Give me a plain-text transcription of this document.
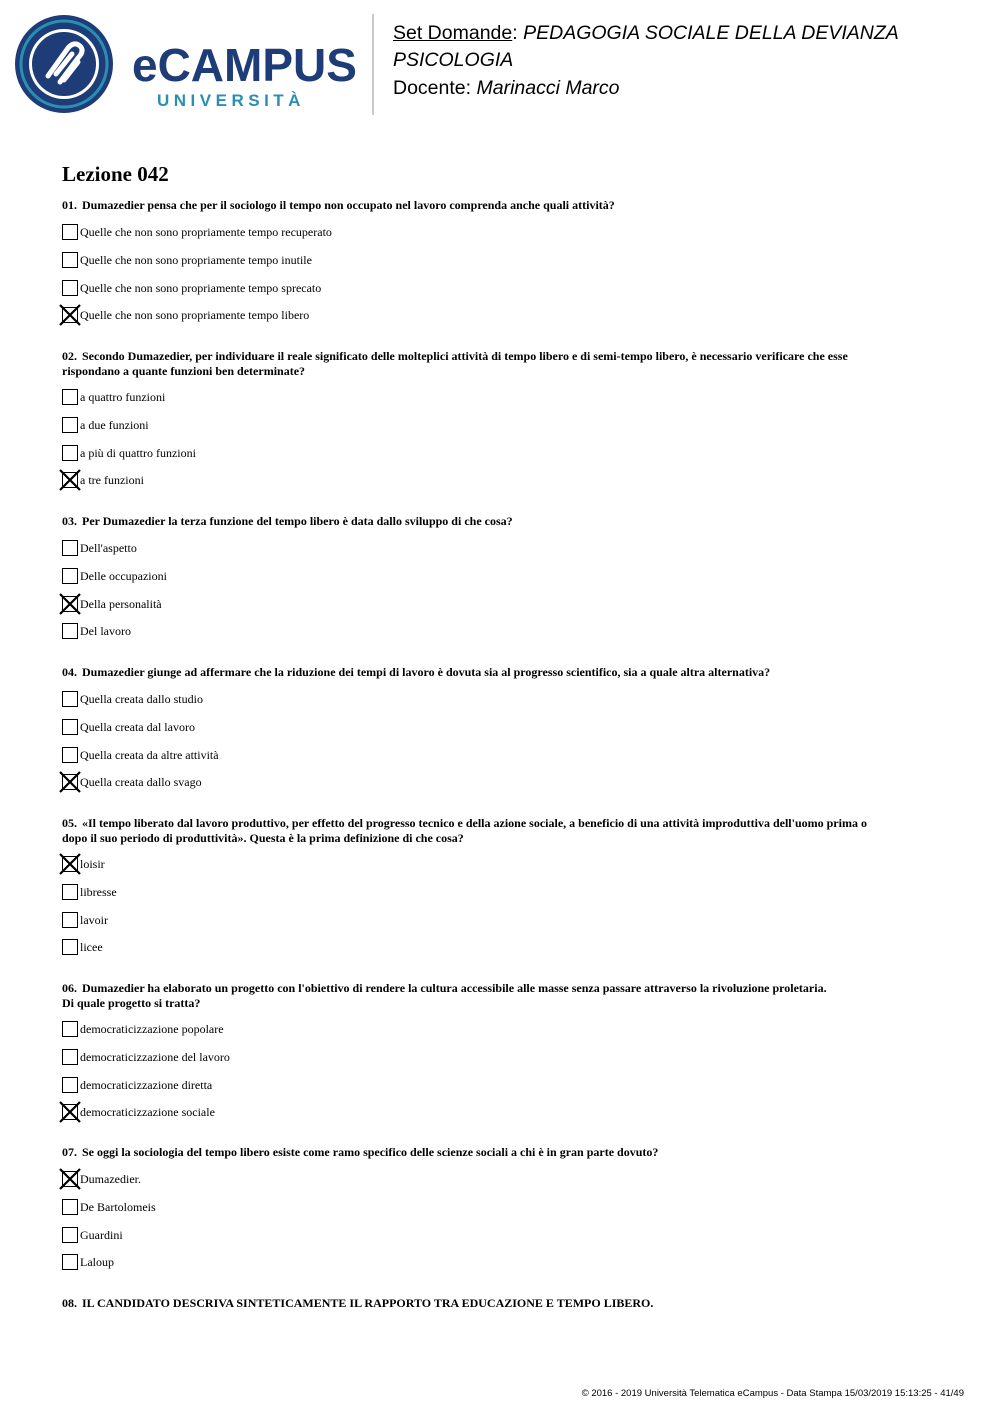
eCAMPUS
UNIVERSITÀ
Set Domande: PEDAGOGIA SOCIALE DELLA DEVIANZA
PSICOLOGIA
Docente: Marinacci Marco
Lezione 042
01. Dumazedier pensa che per il sociologo il tempo non occupato nel lavoro comprenda anche quali attività?
Quelle che non sono propriamente tempo recuperato
Quelle che non sono propriamente tempo inutile
Quelle che non sono propriamente tempo sprecato
Quelle che non sono propriamente tempo libero
02. Secondo Dumazedier, per individuare il reale significato delle molteplici attività di tempo libero e di semi-tempo libero, è necessario verificare che esse
rispondano a quante funzioni ben determinate?
a quattro funzioni
a due funzioni
a più di quattro funzioni
a tre funzioni
03. Per Dumazedier la terza funzione del tempo libero è data dallo sviluppo di che cosa?
Dell'aspetto
Delle occupazioni
Della personalità
Del lavoro
04. Dumazedier giunge ad affermare che la riduzione dei tempi di lavoro è dovuta sia al progresso scientifico, sia a quale altra alternativa?
Quella creata dallo studio
Quella creata dal lavoro
Quella creata da altre attività
Quella creata dallo svago
05. «Il tempo liberato dal lavoro produttivo, per effetto del progresso tecnico e della azione sociale, a beneficio di una attività improduttiva dell'uomo prima o
dopo il suo periodo di produttività». Questa è la prima definizione di che cosa?
loisir
libresse
lavoir
licee
06. Dumazedier ha elaborato un progetto con l'obiettivo di rendere la cultura accessibile alle masse senza passare attraverso la rivoluzione proletaria.
Di quale progetto si tratta?
democraticizzazione popolare
democraticizzazione del lavoro
democraticizzazione diretta
democraticizzazione sociale
07. Se oggi la sociologia del tempo libero esiste come ramo specifico delle scienze sociali a chi è in gran parte dovuto?
Dumazedier.
De Bartolomeis
Guardini
Laloup
08. IL CANDIDATO DESCRIVA SINTETICAMENTE IL RAPPORTO TRA EDUCAZIONE E TEMPO LIBERO.
© 2016 - 2019 Università Telematica eCampus - Data Stampa 15/03/2019 15:13:25 - 41/49
